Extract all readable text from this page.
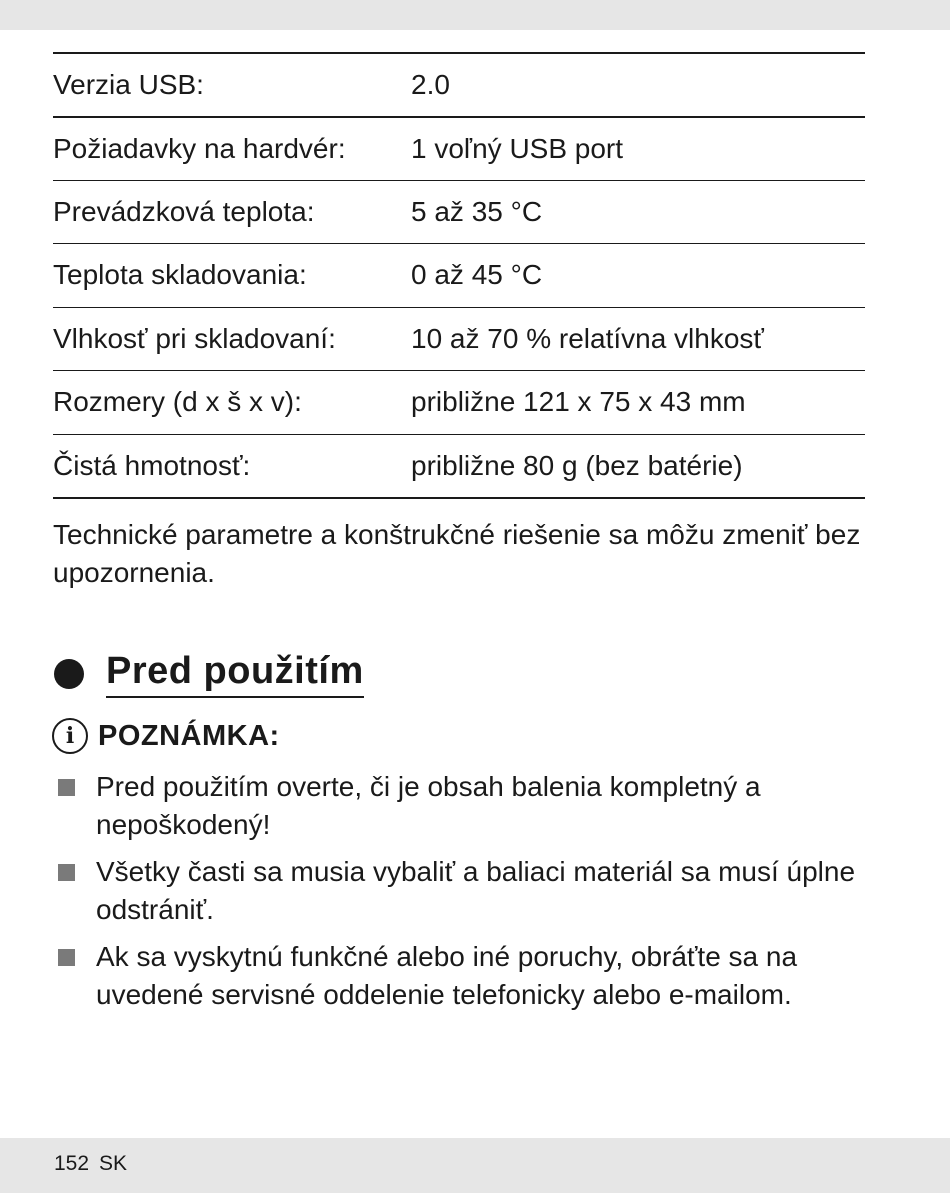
Verzia USB:	2.0
Požiadavky na hardvér:	1 voľný USB port
Prevádzková teplota:	5 až 35 °C
Teplota skladovania:	0 až 45 °C
Vlhkosť pri skladovaní:	10 až 70 % relatívna vlhkosť
Rozmery (d x š x v):	približne 121 x 75 x 43 mm
Čistá hmotnosť:	približne 80 g (bez batérie)

Technické parametre a konštrukčné riešenie sa môžu zmeniť bez upozornenia.

Pred použitím
i POZNÁMKA:
Pred použitím overte, či je obsah balenia kompletný a nepoškodený!
Všetky časti sa musia vybaliť a baliaci materiál sa musí úplne odstrániť.
Ak sa vyskytnú funkčné alebo iné poruchy, obráťte sa na uvedené servisné oddelenie telefonicky alebo e-mailom.
152 SK
